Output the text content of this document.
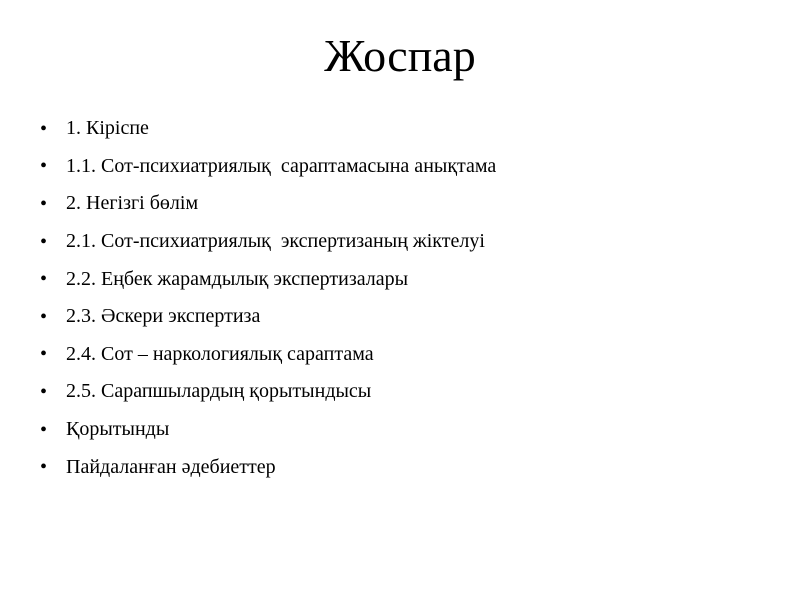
Жоспар
• 1. Кіріспе
• 1.1. Сот-психиатриялық  сараптамасына анықтама
• 2. Негізгі бөлім
• 2.1. Сот-психиатриялық  экспертизаның жіктелуі
• 2.2. Еңбек жарамдылық экспертизалары
• 2.3. Әскери экспертиза
• 2.4. Сот – наркологиялық сараптама
• 2.5. Сарапшылардың қорытындысы
• Қорытынды
• Пайдаланған әдебиеттер
